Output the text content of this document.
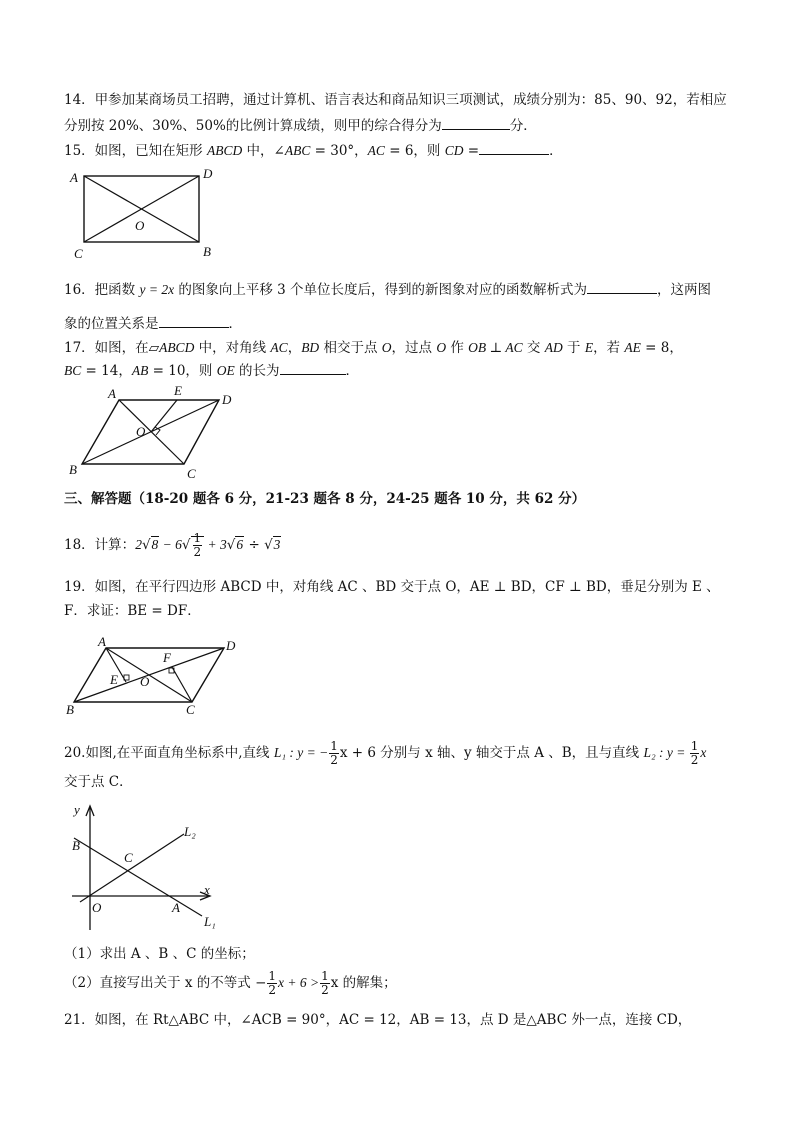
14．甲参加某商场员工招聘，通过计算机、语言表达和商品知识三项测试，成绩分别为：85、90、92，若相应
分别按 20%、30%、50%的比例计算成绩，则甲的综合得分为	分．
15．如图，已知在矩形 ABCD 中，∠ABC = 30°，AC = 6，则 CD =	．
A	D
O
C	B
16．把函数 y = 2x 的图象向上平移 3 个单位长度后，得到的新图象对应的函数解析式为	，这两图
象的位置关系是	．
17．如图，在▱ABCD 中，对角线 AC，BD 相交于点 O，过点 O 作 OB ⊥ AC 交 AD 于 E，若 AE = 8，
BC = 14，AB = 10，则 OE 的长为	．
A	E
D
O
B	C
三、解答题（18-20 题各 6 分，21-23 题各 8 分，24-25 题各 10 分，共 62 分）
18．计算：$2√8 - 6√ \frac{1}{2} + 3√6 \div √3$
19．如图，在平行四边形 ABCD 中，对角线 AC 、BD 交于点 O，AE ⊥ BD，CF ⊥ BD，垂足分别为 E 、
F．求证：BE = DF．
A	D
F
E O
B	C
20.如图,在平面直角坐标系中,直线 L₁ : y = − $\frac{1}{2}$ x + 6 分别与 x 轴、y 轴交于点 A 、B，且与直线 L₂ : $y = \frac{1}{2}$ x
交于点 C．
y
x
B
C
O	A
L₂
L₁
（1）求出 A 、B 、C 的坐标；
（2）直接写出关于 x 的不等式 − $\frac{1}{2}$ $x + 6 > \frac{1}{2}$ x 的解集；
21．如图，在 Rt△ABC 中，∠ACB = 90°，AC = 12，AB = 13，点 D 是△ABC 外一点，连接 CD，
